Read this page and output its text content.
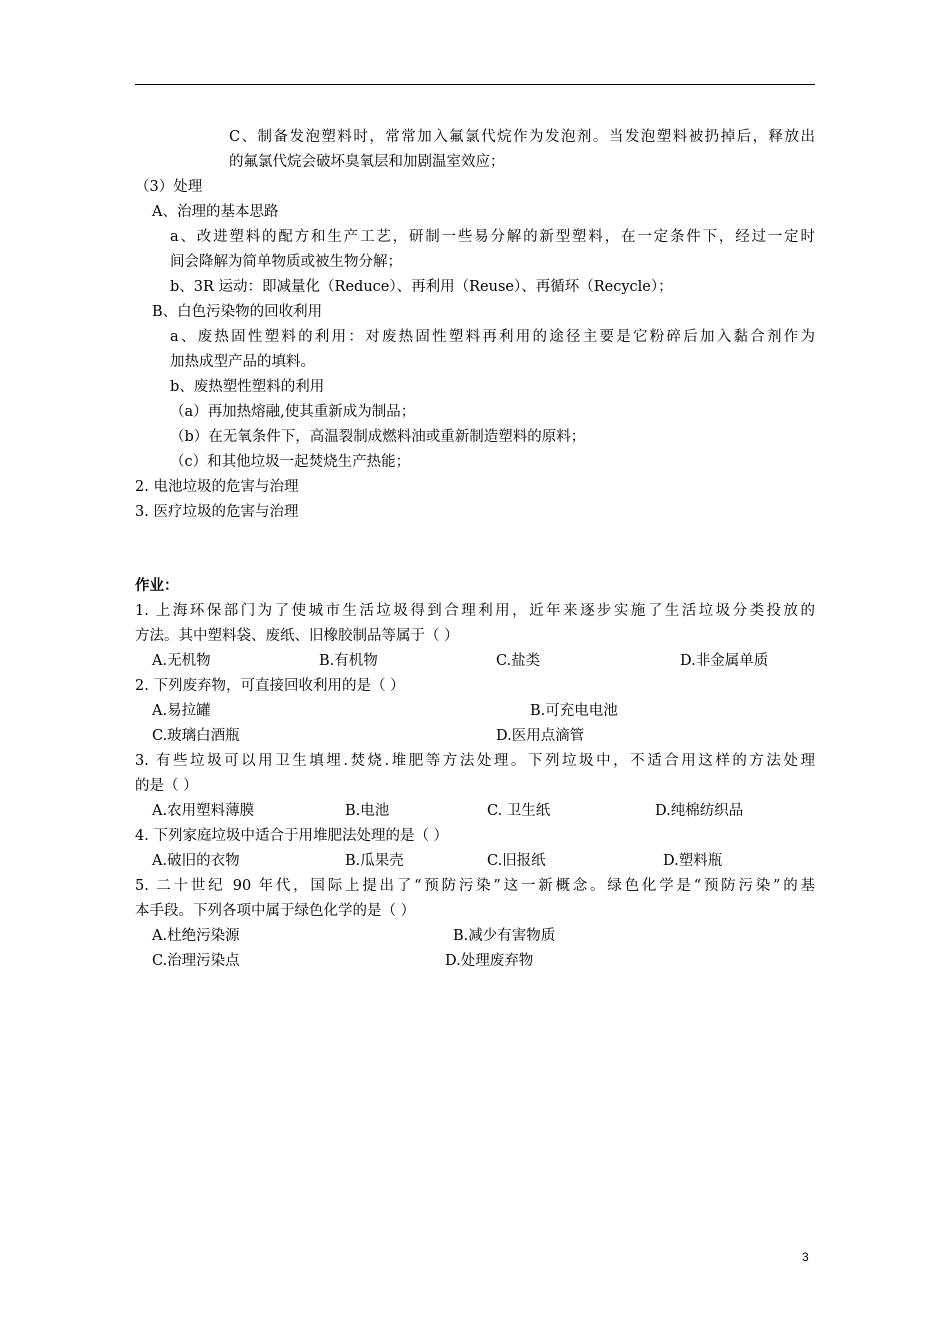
C、制备发泡塑料时，常常加入氟氯代烷作为发泡剂。当发泡塑料被扔掉后，释放出
的氟氯代烷会破坏臭氧层和加剧温室效应；
（3）处理
A、治理的基本思路
a、改进塑料的配方和生产工艺，研制一些易分解的新型塑料，在一定条件下，经过一定时
间会降解为简单物质或被生物分解；
b、3R 运动：即减量化（Reduce）、再利用（Reuse）、再循环（Recycle）；
B、白色污染物的回收利用
a、废热固性塑料的利用：对废热固性塑料再利用的途径主要是它粉碎后加入黏合剂作为
加热成型产品的填料。
b、废热塑性塑料的利用
（a）再加热熔融,使其重新成为制品；
（b）在无氧条件下，高温裂制成燃料油或重新制造塑料的原料；
（c）和其他垃圾一起焚烧生产热能；
2. 电池垃圾的危害与治理
3. 医疗垃圾的危害与治理
作业：
1. 上海环保部门为了使城市生活垃圾得到合理利用，近年来逐步实施了生活垃圾分类投放的
方法。其中塑料袋、废纸、旧橡胶制品等属于（ ）
A.无机物	B.有机物	C.盐类	D.非金属单质
2. 下列废弃物，可直接回收利用的是（ ）
A.易拉罐	B.可充电电池
C.玻璃白酒瓶	D.医用点滴管
3. 有些垃圾可以用卫生填埋.焚烧.堆肥等方法处理。下列垃圾中，不适合用这样的方法处理
的是（ ）
A.农用塑料薄膜	B.电池	C. 卫生纸	D.纯棉纺织品
4. 下列家庭垃圾中适合于用堆肥法处理的是（ ）
A.破旧的衣物	B.瓜果壳	C.旧报纸	D.塑料瓶
5. 二十世纪 90 年代，国际上提出了“预防污染”这一新概念。绿色化学是“预防污染”的基
本手段。下列各项中属于绿色化学的是（ ）
A.杜绝污染源	B.减少有害物质
C.治理污染点	D.处理废弃物
3
